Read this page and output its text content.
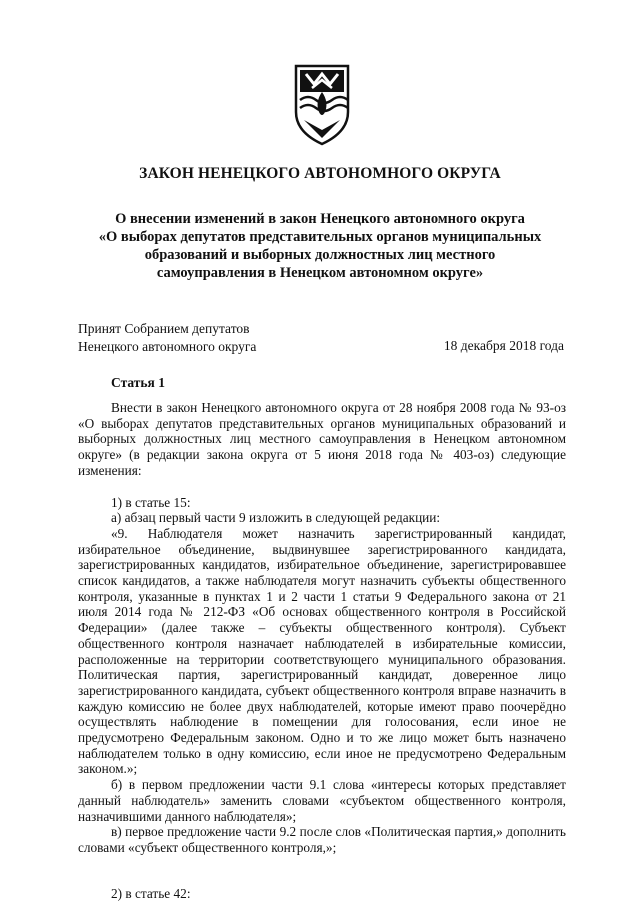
ЗАКОН НЕНЕЦКОГО АВТОНОМНОГО ОКРУГА
О внесении изменений в закон Ненецкого автономного округа
«О выборах депутатов представительных органов муниципальных
образований и выборных должностных лиц местного
самоуправления в Ненецком автономном округе»
Принят Собранием депутатов
Ненецкого автономного округа	18 декабря 2018 года
Статья 1

Внести в закон Ненецкого автономного округа от 28 ноября 2008 года № 93-оз «О выборах депутатов представительных органов муниципальных образований и выборных должностных лиц местного самоуправления в Ненецком автономном округе» (в редакции закона округа от 5 июня 2018 года № 403-оз) следующие изменения:

1) в статье 15:

а) абзац первый части 9 изложить в следующей редакции:

«9. Наблюдателя может назначить зарегистрированный кандидат, избирательное объединение, выдвинувшее зарегистрированного кандидата, зарегистрированных кандидатов, избирательное объединение, зарегистрировавшее список кандидатов, а также наблюдателя могут назначить субъекты общественного контроля, указанные в пунктах 1 и 2 части 1 статьи 9 Федерального закона от 21 июля 2014 года № 212-ФЗ «Об основах общественного контроля в Российской Федерации» (далее также – субъекты общественного контроля). Субъект общественного контроля назначает наблюдателей в избирательные комиссии, расположенные на территории соответствующего муниципального образования. Политическая партия, зарегистрированный кандидат, доверенное лицо зарегистрированного кандидата, субъект общественного контроля вправе назначить в каждую комиссию не более двух наблюдателей, которые имеют право поочерёдно осуществлять наблюдение в помещении для голосования, если иное не предусмотрено Федеральным законом. Одно и то же лицо может быть назначено наблюдателем только в одну комиссию, если иное не предусмотрено Федеральным законом.»;

б) в первом предложении части 9.1 слова «интересы которых представляет данный наблюдатель» заменить словами «субъектом общественного контроля, назначившими данного наблюдателя»;

в) первое предложение части 9.2 после слов «Политическая партия,» дополнить словами «субъект общественного контроля,»;

2) в статье 42:
